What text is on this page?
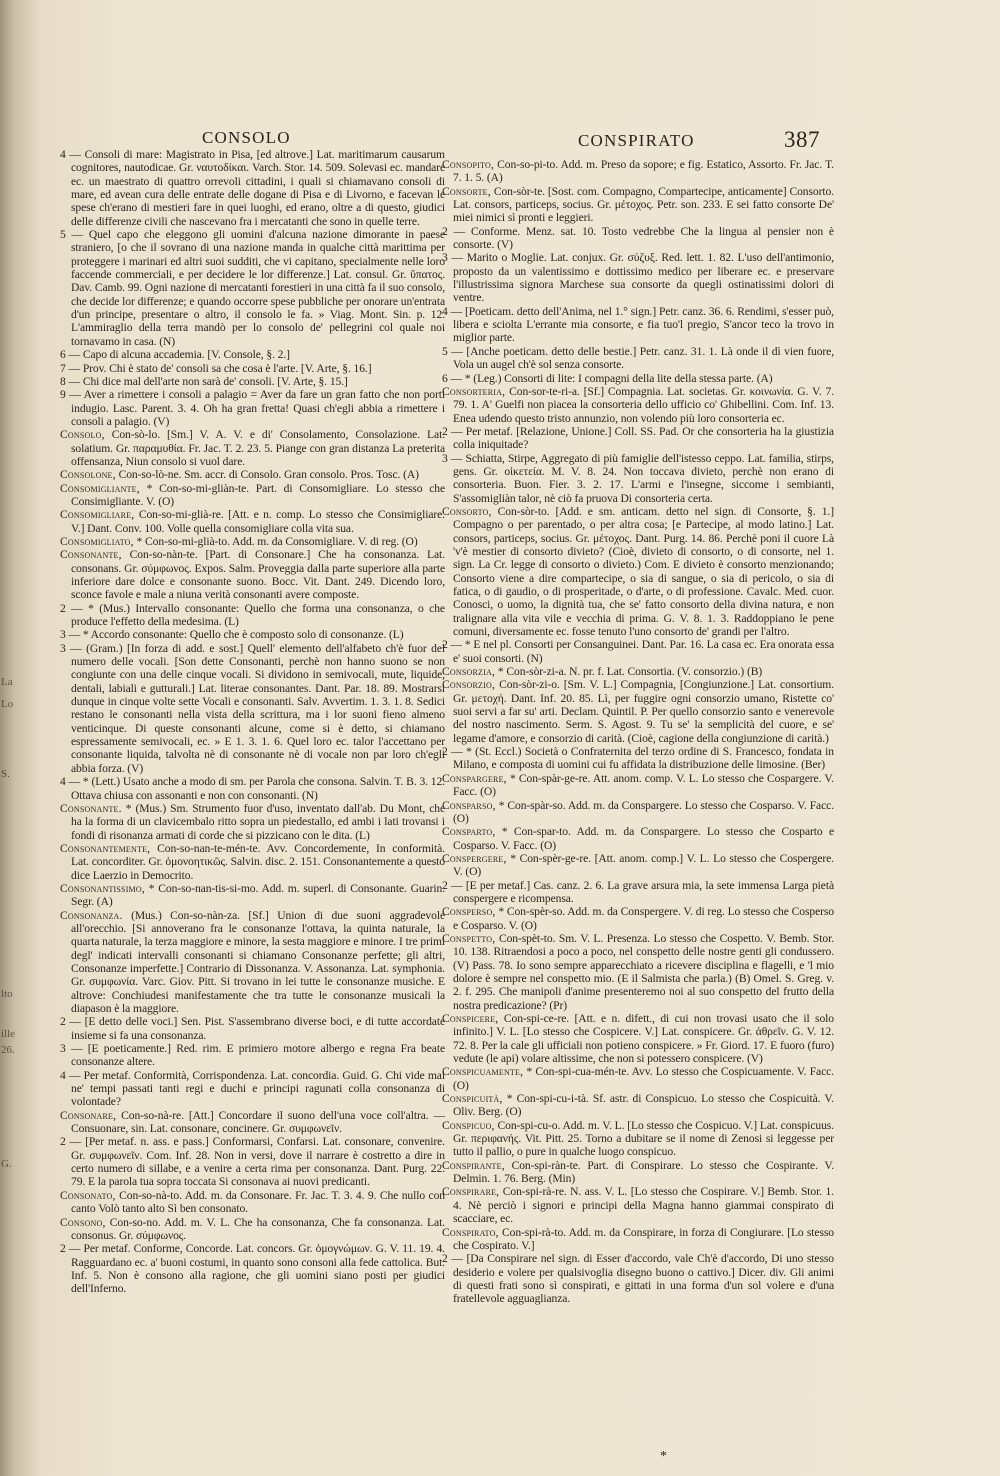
La
Lo
S.
lto
ille
26.
G.
CONSOLO	CONSPIRATO	387

4 — Consoli di mare: Magistrato in Pisa, [ed altrove.] Lat. maritimarum causarum cognitores, nautodicae. Gr. ναυτοδίκαι. Varch. Stor. 14. 509. Solevasi ec. mandare ec. un maestrato di quattro orrevoli cittadini, i quali si chiamavano consoli di mare, ed avean cura delle entrate delle dogane di Pisa e di Livorno, e facevan le spese ch'erano di mestieri fare in quei luoghi, ed erano, oltre a di questo, giudici delle differenze civili che nascevano fra i mercatanti che sono in quelle terre.

5 — Quel capo che eleggono gli uomini d'alcuna nazione dimorante in paese straniero, [o che il sovrano di una nazione manda in qualche città marittima per proteggere i marinari ed altri suoi sudditi, che vi capitano, specialmente nelle loro faccende commerciali, e per decidere le lor differenze.] Lat. consul. Gr. ὕπατος. Dav. Camb. 99. Ogni nazione di mercatanti forestieri in una città fa il suo consolo, che decide lor differenze; e quando occorre spese pubbliche per onorare un'entrata d'un principe, presentare o altro, il consolo le fa. » Viag. Mont. Sin. p. 12. L'ammiraglio della terra mandò per lo consolo de' pellegrini col quale noi tornavamo in casa. (N)

6 — Capo di alcuna accademia. [V. Console, §. 2.]

7 — Prov. Chi è stato de' consoli sa che cosa è l'arte. [V. Arte, §. 16.]

8 — Chi dice mal dell'arte non sarà de' consoli. [V. Arte, §. 15.]

9 — Aver a rimettere i consoli a palagio = Aver da fare un gran fatto che non porti indugio. Lasc. Parent. 3. 4. Oh ha gran fretta! Quasi ch'egli abbia a rimettere i consoli a palagio. (V)

Consolo, Con-sò-lo. [Sm.] V. A. V. e di' Consolamento, Consolazione. Lat. solatium. Gr. παραμυθία. Fr. Jac. T. 2. 23. 5. Piange con gran distanza La preterita offensanza, Niun consolo si vuol dare.

Consolone, Con-so-lò-ne. Sm. accr. di Consolo. Gran consolo. Pros. Tosc. (A)

Consomigliante, * Con-so-mi-gliàn-te. Part. di Consomigliare. Lo stesso che Consimigliante. V. (O)

Consomigliare, Con-so-mi-glià-re. [Att. e n. comp. Lo stesso che Consimigliare. V.] Dant. Conv. 100. Volle quella consomigliare colla vita sua.

Consomigliato, * Con-so-mi-glià-to. Add. m. da Consomigliare. V. di reg. (O)

Consonante, Con-so-nàn-te. [Part. di Consonare.] Che ha consonanza. Lat. consonans. Gr. σύμφωνος. Expos. Salm. Proveggia dalla parte superiore alla parte inferiore dare dolce e consonante suono. Bocc. Vit. Dant. 249. Dicendo loro, sconce favole e male a niuna verità consonanti avere composte.

2 — * (Mus.) Intervallo consonante: Quello che forma una consonanza, o che produce l'effetto della medesima. (L)

3 — * Accordo consonante: Quello che è composto solo di consonanze. (L)

3 — (Gram.) [In forza di add. e sost.] Quell' elemento dell'alfabeto ch'è fuor del numero delle vocali. [Son dette Consonanti, perchè non hanno suono se non congiunte con una delle cinque vocali. Si dividono in semivocali, mute, liquide, dentali, labiali e gutturali.] Lat. literae consonantes. Dant. Par. 18. 89. Mostrarsi dunque in cinque volte sette Vocali e consonanti. Salv. Avvertim. 1. 3. 1. 8. Sedici restano le consonanti nella vista della scrittura, ma i lor suoni fieno almeno venticinque. Di queste consonanti alcune, come si è detto, si chiamano espressamente semivocali, ec. » E 1. 3. 1. 6. Quel loro ec. talor l'accettano per consonante liquida, talvolta nè di consonante nè di vocale non par loro ch'egli abbia forza. (V)

4 — * (Lett.) Usato anche a modo di sm. per Parola che consona. Salvin. T. B. 3. 12. Ottava chiusa con assonanti e non con consonanti. (N)

Consonante. * (Mus.) Sm. Strumento fuor d'uso, inventato dall'ab. Du Mont, che ha la forma di un clavicembalo ritto sopra un piedestallo, ed ambi i lati trovansi i fondi di risonanza armati di corde che si pizzicano con le dita. (L)

Consonantemente, Con-so-nan-te-mén-te. Avv. Concordemente, In conformità. Lat. concorditer. Gr. ὁμονοητικῶς. Salvin. disc. 2. 151. Consonantemente a questo dice Laerzio in Democrito.

Consonantissimo, * Con-so-nan-tis-si-mo. Add. m. superl. di Consonante. Guarin. Segr. (A)

Consonanza. (Mus.) Con-so-nàn-za. [Sf.] Union di due suoni aggradevole all'orecchio. [Si annoverano fra le consonanze l'ottava, la quinta naturale, la quarta naturale, la terza maggiore e minore, la sesta maggiore e minore. I tre primi degl' indicati intervalli consonanti si chiamano Consonanze perfette; gli altri, Consonanze imperfette.] Contrario di Dissonanza. V. Assonanza. Lat. symphonia. Gr. συμφωνία. Varc. Giov. Pitt. Si trovano in lei tutte le consonanze musiche. E altrove: Conchiudesi manifestamente che tra tutte le consonanze musicali la diapason è la maggiore.

2 — [E detto delle voci.] Sen. Pist. S'assembrano diverse boci, e di tutte accordate insieme si fa una consonanza.

3 — [E poeticamente.] Red. rim. E primiero motore albergo e regna Fra beate consonanze altere.

4 — Per metaf. Conformità, Corrispondenza. Lat. concordia. Guid. G. Chi vide mai ne' tempi passati tanti regi e duchi e principi ragunati colla consonanza di volontade?

Consonare, Con-so-nà-re. [Att.] Concordare il suono dell'una voce coll'altra. — Consuonare, sin. Lat. consonare, concinere. Gr. συμφωνεῖν.

2 — [Per metaf. n. ass. e pass.] Conformarsi, Confarsi. Lat. consonare, convenire. Gr. συμφωνεῖν. Com. Inf. 28. Non in versi, dove il narrare è costretto a dire in certo numero di sillabe, e a venire a certa rima per consonanza. Dant. Purg. 22. 79. E la parola tua sopra toccata Si consonava ai nuovi predicanti.

Consonato, Con-so-nà-to. Add. m. da Consonare. Fr. Jac. T. 3. 4. 9. Che nullo con canto Volò tanto alto Sì ben consonato.

Consono, Con-so-no. Add. m. V. L. Che ha consonanza, Che fa consonanza. Lat. consonus. Gr. σύμφωνος.

2 — Per metaf. Conforme, Concorde. Lat. concors. Gr. ὁμογνώμων. G. V. 11. 19. 4. Ragguardano ec. a' buoni costumi, in quanto sono consoni alla fede cattolica. But. Inf. 5. Non è consono alla ragione, che gli uomini siano posti per giudici dell'Inferno.

Consopito, Con-so-pi-to. Add. m. Preso da sopore; e fig. Estatico, Assorto. Fr. Jac. T. 7. 1. 5. (A)

Consorte, Con-sòr-te. [Sost. com. Compagno, Compartecipe, anticamente] Consorto. Lat. consors, particeps, socius. Gr. μέτοχος. Petr. son. 233. E sei fatto consorte De' miei nimici sì pronti e leggieri.

2 — Conforme. Menz. sat. 10. Tosto vedrebbe Che la lingua al pensier non è consorte. (V)

3 — Marito o Moglie. Lat. conjux. Gr. σύζυξ. Red. lett. 1. 82. L'uso dell'antimonio, proposto da un valentissimo e dottissimo medico per liberare ec. e preservare l'illustrissima signora Marchese sua consorte da quegli ostinatissimi dolori di ventre.

4 — [Poeticam. detto dell'Anima, nel 1.° sign.] Petr. canz. 36. 6. Rendimi, s'esser può, libera e sciolta L'errante mia consorte, e fia tuo'l pregio, S'ancor teco la trovo in miglior parte.

5 — [Anche poeticam. detto delle bestie.] Petr. canz. 31. 1. Là onde il dì vien fuore, Vola un augel ch'è sol senza consorte.

6 — * (Leg.) Consorti di lite: I compagni della lite della stessa parte. (A)

Consorteria, Con-sor-te-ri-a. [Sf.] Compagnia. Lat. societas. Gr. κοινωνία. G. V. 7. 79. 1. A' Guelfi non piacea la consorteria dello ufficio co' Ghibellini. Com. Inf. 13. Enea udendo questo tristo annunzio, non volendo più loro consorteria ec.

2 — Per metaf. [Relazione, Unione.] Coll. SS. Pad. Or che consorteria ha la giustizia colla iniquitade?

3 — Schiatta, Stirpe, Aggregato di più famiglie dell'istesso ceppo. Lat. familia, stirps, gens. Gr. οἰκετεία. M. V. 8. 24. Non toccava divieto, perchè non erano di consorteria. Buon. Fier. 3. 2. 17. L'armi e l'insegne, siccome i sembianti, S'assomigliàn talor, nè ciò fa pruova Di consorteria certa.

Consorto, Con-sòr-to. [Add. e sm. anticam. detto nel sign. di Consorte, §. 1.] Compagno o per parentado, o per altra cosa; [e Partecipe, al modo latino.] Lat. consors, particeps, socius. Gr. μέτοχος. Dant. Purg. 14. 86. Perchè poni il cuore Là 'v'è mestier di consorto divieto? (Cioè, divieto di consorto, o di consorte, nel 1. sign. La Cr. legge di consorto o divieto.) Com. E divieto è consorto menzionando; Consorto viene a dire compartecipe, o sia di sangue, o sia di pericolo, o sia di fatica, o di gaudio, o di prosperitade, o d'arte, o di professione. Cavalc. Med. cuor. Conosci, o uomo, la dignità tua, che se' fatto consorto della divina natura, e non tralignare alla vita vile e vecchia di prima. G. V. 8. 1. 3. Raddoppiano le pene comuni, diversamente ec. fosse tenuto l'uno consorto de' grandi per l'altro.

2 — * E nel pl. Consorti per Consanguinei. Dant. Par. 16. La casa ec. Era onorata essa e' suoi consorti. (N)

Consorzia, * Con-sòr-zi-a. N. pr. f. Lat. Consortia. (V. consorzio.) (B)

Consorzio, Con-sòr-zi-o. [Sm. V. L.] Compagnia, [Congiunzione.] Lat. consortium. Gr. μετοχή. Dant. Inf. 20. 85. Lì, per fuggire ogni consorzio umano, Ristette co' suoi servi a far su' arti. Declam. Quintil. P. Per quello consorzio santo e venerevole del nostro nascimento. Serm. S. Agost. 9. Tu se' la semplicità del cuore, e se' legame d'amore, e consorzio di carità. (Cioè, cagione della congiunzione di carità.)

2 — * (St. Eccl.) Società o Confraternita del terzo ordine di S. Francesco, fondata in Milano, e composta di uomini cui fu affidata la distribuzione delle limosine. (Ber)

Conspargere, * Con-spàr-ge-re. Att. anom. comp. V. L. Lo stesso che Cospargere. V. Facc. (O)

Consparso, * Con-spàr-so. Add. m. da Conspargere. Lo stesso che Cosparso. V. Facc. (O)

Consparto, * Con-spar-to. Add. m. da Conspargere. Lo stesso che Cosparto e Cosparso. V. Facc. (O)

Conspergere, * Con-spèr-ge-re. [Att. anom. comp.] V. L. Lo stesso che Cospergere. V. (O)

2 — [E per metaf.] Cas. canz. 2. 6. La grave arsura mia, la sete immensa Larga pietà conspergere e ricompensa.

Consperso, * Con-spèr-so. Add. m. da Conspergere. V. di reg. Lo stesso che Cosperso e Cosparso. V. (O)

Conspetto, Con-spèt-to. Sm. V. L. Presenza. Lo stesso che Cospetto. V. Bemb. Stor. 10. 138. Ritraendosi a poco a poco, nel conspetto delle nostre genti gli condussero. (V) Pass. 78. Io sono sempre apparecchiato a ricevere disciplina e flagelli, e 'l mio dolore è sempre nel conspetto mio. (E il Salmista che parla.) (B) Omel. S. Greg. v. 2. f. 295. Che manipoli d'anime presenteremo noi al suo conspetto del frutto della nostra predicazione? (Pr)

Conspicere, Con-spi-ce-re. [Att. e n. difett., di cui non trovasi usato che il solo infinito.] V. L. [Lo stesso che Cospicere. V.] Lat. conspicere. Gr. ἀθρεῖν. G. V. 12. 72. 8. Per la cale gli ufficiali non potieno conspicere. » Fr. Giord. 17. E fuoro (furo) vedute (le api) volare altissime, che non si potessero conspicere. (V)

Conspicuamente, * Con-spi-cua-mén-te. Avv. Lo stesso che Cospicuamente. V. Facc. (O)

Conspicuità, * Con-spi-cu-i-tà. Sf. astr. di Conspicuo. Lo stesso che Cospicuità. V. Oliv. Berg. (O)

Conspicuo, Con-spi-cu-o. Add. m. V. L. [Lo stesso che Cospicuo. V.] Lat. conspicuus. Gr. περιφανής. Vit. Pitt. 25. Torno a dubitare se il nome di Zenosi si leggesse per tutto il pallio, o pure in qualche luogo conspicuo.

Conspirante, Con-spi-ràn-te. Part. di Conspirare. Lo stesso che Cospirante. V. Delmin. 1. 76. Berg. (Min)

Conspirare, Con-spi-rà-re. N. ass. V. L. [Lo stesso che Cospirare. V.] Bemb. Stor. 1. 4. Nè perciò i signori e principi della Magna hanno giammai conspirato di scacciare, ec.

Conspirato, Con-spi-rà-to. Add. m. da Conspirare, in forza di Congiurare. [Lo stesso che Cospirato. V.]

2 — [Da Conspirare nel sign. di Esser d'accordo, vale Ch'è d'accordo, Di uno stesso desiderio e volere per qualsivoglia disegno buono o cattivo.] Dicer. div. Gli animi di questi frati sono sì conspirati, e gittati in una forma d'un sol volere e d'una fratellevole agguaglianza.

*
